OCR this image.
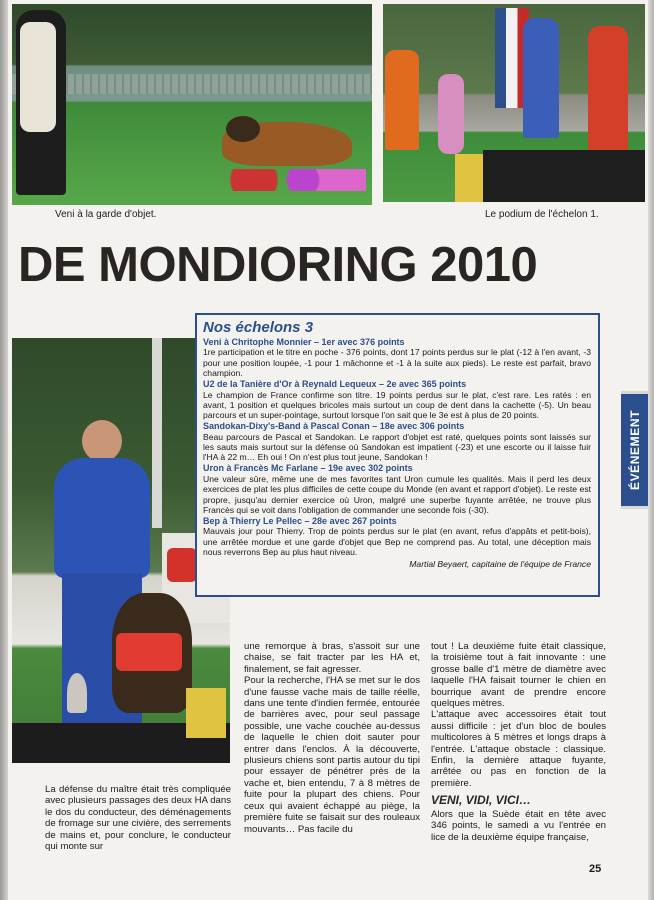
Veni à la garde d'objet.	Le podium de l'échelon 1.
DE MONDIORING 2010
ÉVÉNEMENT
Nos échelons 3
Veni à Chritophe Monnier – 1er avec 376 points
1re participation et le titre en poche - 376 points, dont 17 points perdus sur le plat (-12 à l'en avant, -3 pour une position loupée, -1 pour 1 mâchonne et -1 à la suite aux pieds). Le reste est parfait, bravo champion.
U2 de la Tanière d'Or à Reynald Lequeux – 2e avec 365 points
Le champion de France confirme son titre. 19 points perdus sur le plat, c'est rare. Les ratés : en avant, 1 position et quelques bricoles mais surtout un coup de dent dans la cachette (-5). Un beau parcours et un super-pointage, surtout lorsque l'on sait que le 3e est à plus de 20 points.
Sandokan-Dixy's-Band à Pascal Conan – 18e avec 306 points
Beau parcours de Pascal et Sandokan. Le rapport d'objet est raté, quelques points sont laissés sur les sauts mais surtout sur la défense où Sandokan est impatient (-23) et une escorte ou il laisse fuir l'HA à 22 m… Eh oui ! On n'est plus tout jeune, Sandokan !
Uron à Francès Mc Farlane – 19e avec 302 points
Une valeur sûre, même une de mes favorites tant Uron cumule les qualités. Mais il perd les deux exercices de plat les plus difficiles de cette coupe du Monde (en avant et rapport d'objet). Le reste est propre, jusqu'au dernier exercice où Uron, malgré une superbe fuyante arrêtée, ne trouve plus Francès qui se voit dans l'obligation de commander une seconde fois (-30).
Bep à Thierry Le Pellec – 28e avec 267 points
Mauvais jour pour Thierry. Trop de points perdus sur le plat (en avant, refus d'appâts et petit-bois), une arrêtée mordue et une garde d'objet que Bep ne comprend pas. Au total, une déception mais nous reverrons Bep au plus haut niveau.
Martial Beyaert, capitaine de l'équipe de France

La défense du maître était très compliquée avec plusieurs passages des deux HA dans le dos du conducteur, des déménagements de fromage sur une civière, des serrements de mains et, pour conclure, le conducteur qui monte sur

une remorque à bras, s'assoit sur une chaise, se fait tracter par les HA et, finalement, se fait agresser.

Pour la recherche, l'HA se met sur le dos d'une fausse vache mais de taille réelle, dans une tente d'indien fermée, entourée de barrières avec, pour seul passage possible, une vache couchée au-dessus de laquelle le chien doit sauter pour entrer dans l'enclos. À la découverte, plusieurs chiens sont partis autour du tipi pour essayer de pénétrer près de la vache et, bien entendu, 7 à 8 mètres de fuite pour la plupart des chiens. Pour ceux qui avaient échappé au piège, la première fuite se faisait sur des rouleaux mouvants… Pas facile du

tout ! La deuxième fuite était classique, la troisième tout à fait innovante : une grosse balle d'1 mètre de diamètre avec laquelle l'HA faisait tourner le chien en bourrique avant de prendre encore quelques mètres.

L'attaque avec accessoires était tout aussi difficile : jet d'un bloc de boules multicolores à 5 mètres et longs draps à l'entrée. L'attaque obstacle : classique. Enfin, la dernière attaque fuyante, arrêtée ou pas en fonction de la première.

VENI, VIDI, VICI…

Alors que la Suède était en tête avec 346 points, le samedi a vu l'entrée en lice de la deuxième équipe française,

25
